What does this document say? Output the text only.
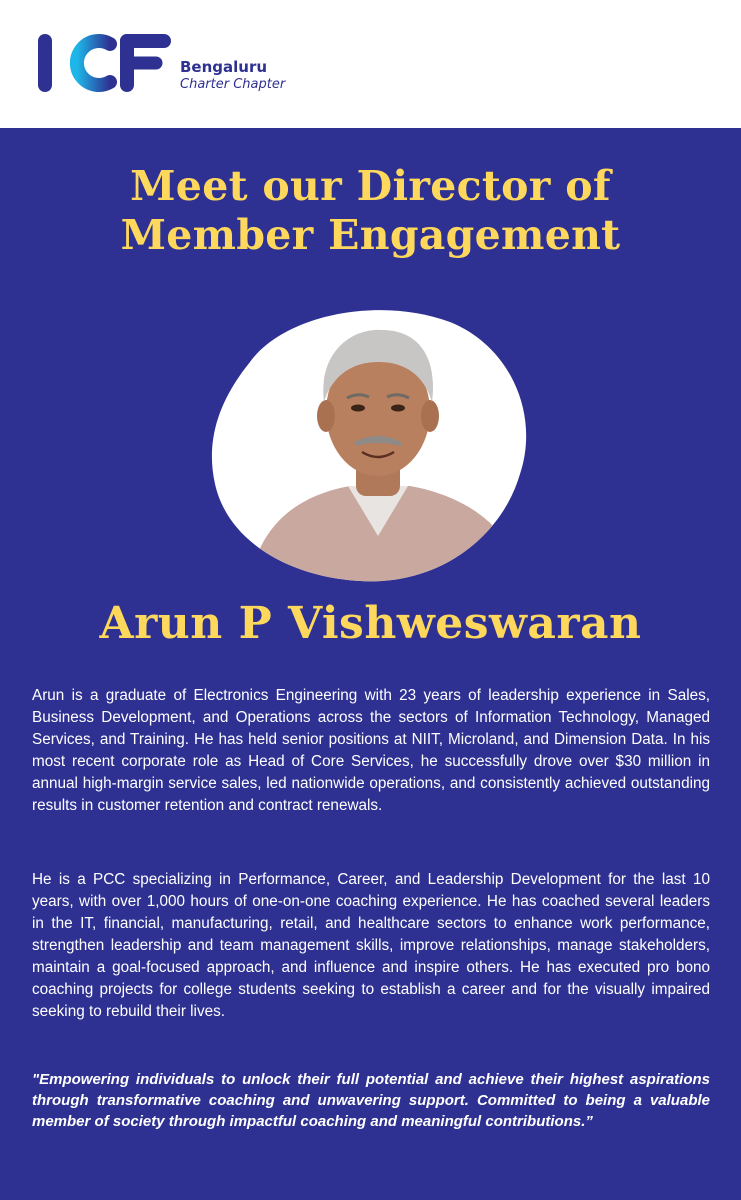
Bengaluru
Charter Chapter
Meet our Director of
Member Engagement
Arun P Vishweswaran

Arun is a graduate of Electronics Engineering with 23 years of leadership experience in Sales, Business Development, and Operations across the sectors of Information Technology, Managed Services, and Training. He has held senior positions at NIIT, Microland, and Dimension Data. In his most recent corporate role as Head of Core Services, he successfully drove over $30 million in annual high-margin service sales, led nationwide operations, and consistently achieved outstanding results in customer retention and contract renewals.

He is a PCC specializing in Performance, Career, and Leadership Development for the last 10 years, with over 1,000 hours of one-on-one coaching experience. He has coached several leaders in the IT, financial, manufacturing, retail, and healthcare sectors to enhance work performance, strengthen leadership and team management skills, improve relationships, manage stakeholders, maintain a goal-focused approach, and influence and inspire others. He has executed pro bono coaching projects for college students seeking to establish a career and for the visually impaired seeking to rebuild their lives.

"Empowering individuals to unlock their full potential and achieve their highest aspirations through transformative coaching and unwavering support. Committed to being a valuable member of society through impactful coaching and meaningful contributions.”
